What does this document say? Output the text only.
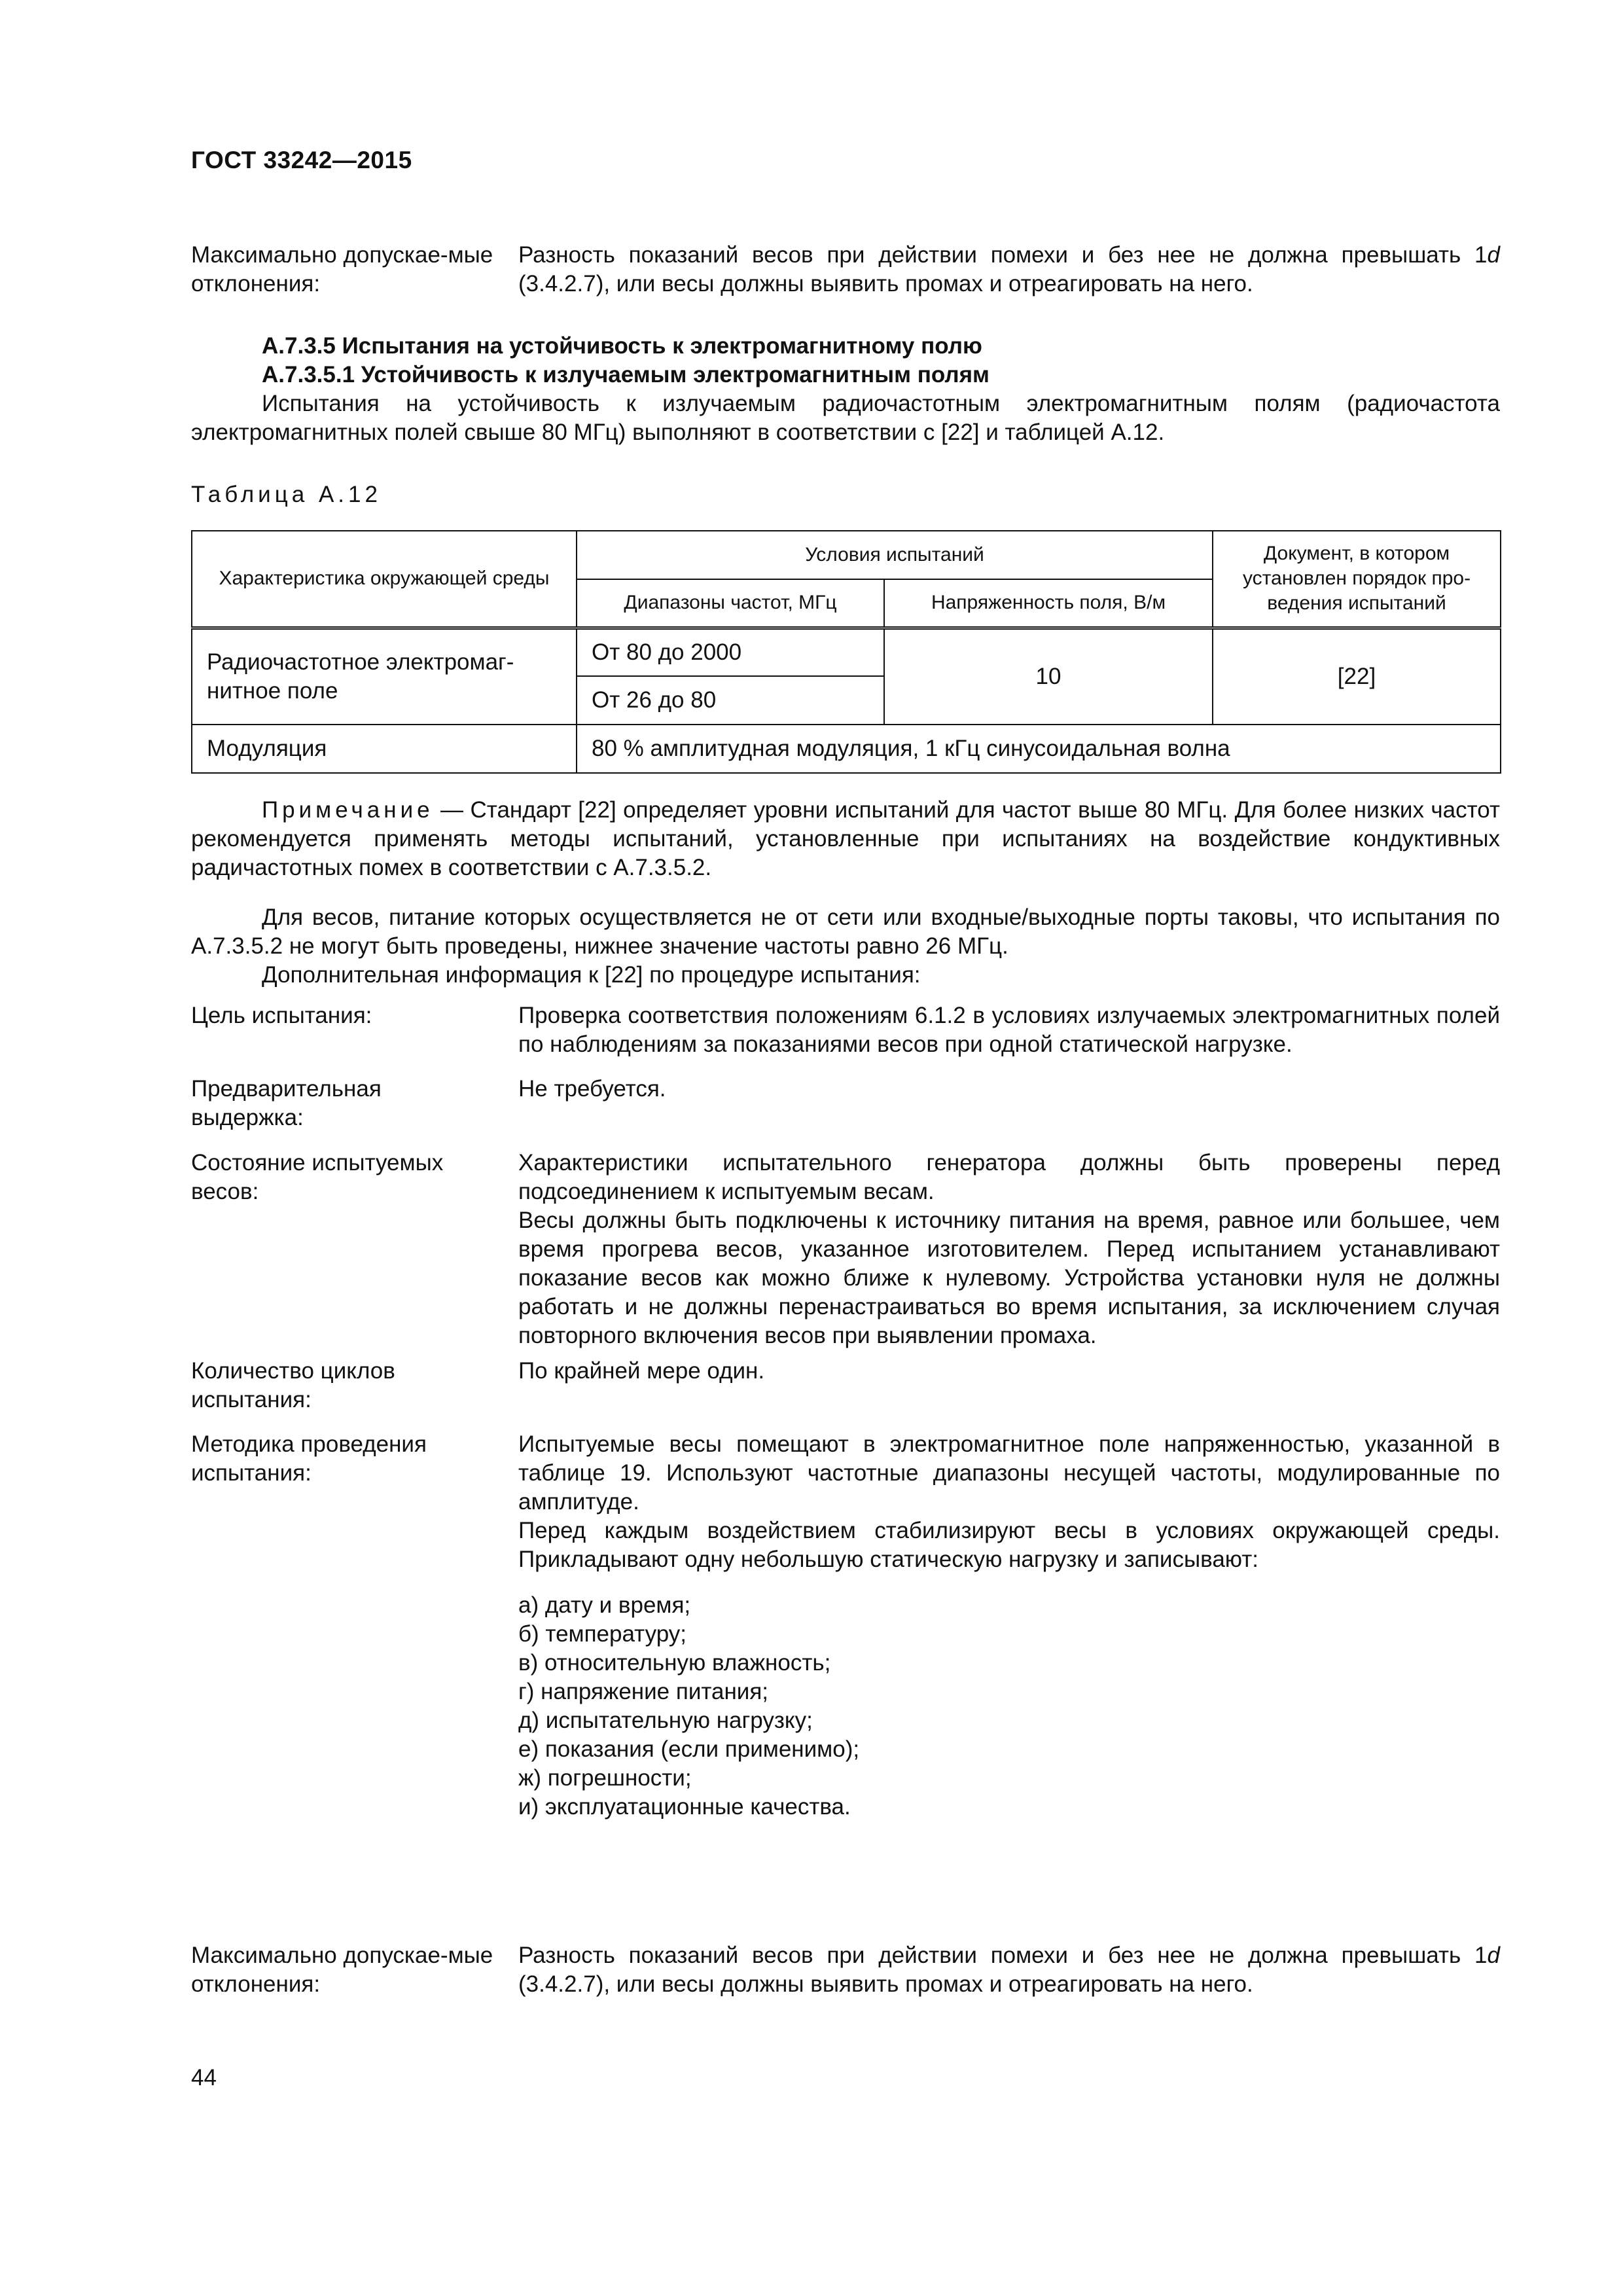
ГОСТ 33242—2015
Максимально допускае-мые отклонения:
Разность показаний весов при действии помехи и без нее не должна превышать 1d (3.4.2.7), или весы должны выявить промах и отреагировать на него.
А.7.3.5 Испытания на устойчивость к электромагнитному полю
А.7.3.5.1 Устойчивость к излучаемым электромагнитным полям
Испытания на устойчивость к излучаемым радиочастотным электромагнитным полям (радиочастота электромагнитных полей свыше 80 МГц) выполняют в соответствии с [22] и таблицей А.12.
Таблица А.12
Характеристика окружающей среды	Условия испытаний		Документ, в котором установлен порядок про-ведения испытаний
	Диапазоны частот, МГц	Напряженность поля, В/м	
Радиочастотное электромаг-нитное поле	От 80 до 2000	10	[22]
	От 26 до 80		
Модуляция	80 % амплитудная модуляция, 1 кГц синусоидальная волна		
Примечание — Стандарт [22] определяет уровни испытаний для частот выше 80 МГц. Для более низких частот рекомендуется применять методы испытаний, установленные при испытаниях на воздействие кондуктивных радичастотных помех в соответствии с А.7.3.5.2.
Для весов, питание которых осуществляется не от сети или входные/выходные порты таковы, что испытания по А.7.3.5.2 не могут быть проведены, нижнее значение частоты равно 26 МГц.
Дополнительная информация к [22] по процедуре испытания:
Цель испытания:	Проверка соответствия положениям 6.1.2 в условиях излучаемых электромагнитных полей по наблюдениям за показаниями весов при одной статической нагрузке.
Предварительная выдержка:
Не требуется.
Состояние испытуемых весов:

Характеристики испытательного генератора должны быть проверены перед подсоединением к испытуемым весам.

Весы должны быть подключены к источнику питания на время, равное или большее, чем время прогрева весов, указанное изготовителем. Перед испытанием устанавливают показание весов как можно ближе к нулевому. Устройства установки нуля не должны работать и не должны перенастраиваться во время испытания, за исключением случая повторного включения весов при выявлении промаха.

Количество циклов испытания:
По крайней мере один.
Методика проведения испытания:

Испытуемые весы помещают в электромагнитное поле напряженностью, указанной в таблице 19. Используют частотные диапазоны несущей частоты, модулированные по амплитуде.

Перед каждым воздействием стабилизируют весы в условиях окружающей среды. Прикладывают одну небольшую статическую нагрузку и записывают:

а) дату и время;

б) температуру;

в) относительную влажность;

г) напряжение питания;

д) испытательную нагрузку;

е) показания (если применимо);

ж) погрешности;

и) эксплуатационные качества.

Максимально допускае-мые отклонения:
Разность показаний весов при действии помехи и без нее не должна превышать 1d (3.4.2.7), или весы должны выявить промах и отреагировать на него.
44
